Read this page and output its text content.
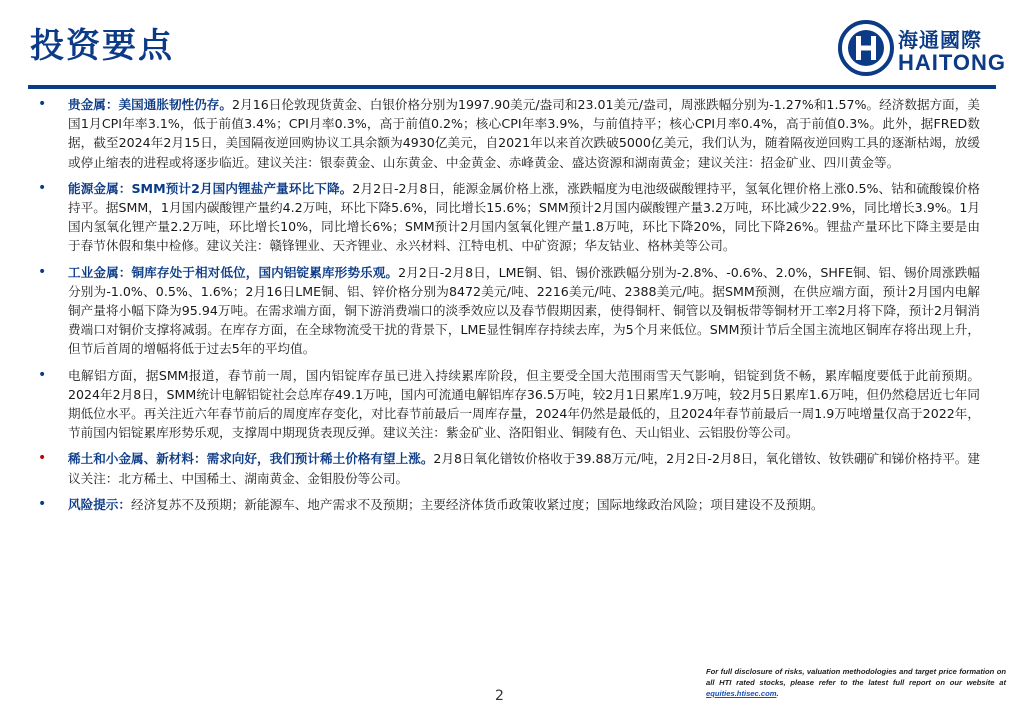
投资要点	海通國際
HAITONG
•	贵金属：美国通胀韧性仍存。2月16日伦敦现货黄金、白银价格分别为1997.90美元/盎司和23.01美元/盎司，周涨跌幅分别为-1.27%和1.57%。经济数据方面，美国1月CPI年率3.1%，低于前值3.4%；CPI月率0.3%，高于前值0.2%；核心CPI年率3.9%，与前值持平；核心CPI月率0.4%，高于前值0.3%。此外，据FRED数据，截至2024年2月15日，美国隔夜逆回购协议工具余额为4930亿美元，自2021年以来首次跌破5000亿美元，我们认为，随着隔夜逆回购工具的逐渐枯竭，放缓或停止缩表的进程或将逐步临近。建议关注：银泰黄金、山东黄金、中金黄金、赤峰黄金、盛达资源和湖南黄金；建议关注：招金矿业、四川黄金等。
•	能源金属：SMM预计2月国内锂盐产量环比下降。2月2日-2月8日，能源金属价格上涨，涨跌幅度为电池级碳酸锂持平，氢氧化锂价格上涨0.5%、钴和硫酸镍价格持平。据SMM，1月国内碳酸锂产量约4.2万吨，环比下降5.6%，同比增长15.6%；SMM预计2月国内碳酸锂产量3.2万吨，环比减少22.9%，同比增长3.9%。1月国内氢氧化锂产量2.2万吨，环比增长10%，同比增长6%；SMM预计2月国内氢氧化锂产量1.8万吨，环比下降20%，同比下降26%。锂盐产量环比下降主要是由于春节休假和集中检修。建议关注：赣锋锂业、天齐锂业、永兴材料、江特电机、中矿资源；华友钴业、格林美等公司。
•	工业金属：铜库存处于相对低位，国内铝锭累库形势乐观。2月2日-2月8日，LME铜、铝、锡价涨跌幅分别为-2.8%、-0.6%、2.0%，SHFE铜、铝、锡价周涨跌幅分别为-1.0%、0.5%、1.6%；2月16日LME铜、铝、锌价格分别为8472美元/吨、2216美元/吨、2388美元/吨。据SMM预测，在供应端方面，预计2月国内电解铜产量将小幅下降为95.94万吨。在需求端方面，铜下游消费端口的淡季效应以及春节假期因素，使得铜杆、铜管以及铜板带等铜材开工率2月将下降，预计2月铜消费端口对铜价支撑将减弱。在库存方面，在全球物流受干扰的背景下，LME显性铜库存持续去库，为5个月来低位。SMM预计节后全国主流地区铜库存将出现上升，但节后首周的增幅将低于过去5年的平均值。
•	电解铝方面，据SMM报道，春节前一周，国内铝锭库存虽已进入持续累库阶段，但主要受全国大范围雨雪天气影响，铝锭到货不畅，累库幅度要低于此前预期。2024年2月8日，SMM统计电解铝锭社会总库存49.1万吨，国内可流通电解铝库存36.5万吨，较2月1日累库1.9万吨，较2月5日累库1.6万吨，但仍然稳居近七年同期低位水平。再关注近六年春节前后的周度库存变化，对比春节前最后一周库存量，2024年仍然是最低的，且2024年春节前最后一周1.9万吨增量仅高于2022年，节前国内铝锭累库形势乐观，支撑周中期现货表现反弹。建议关注：紫金矿业、洛阳钼业、铜陵有色、天山铝业、云铝股份等公司。
•	稀土和小金属、新材料：需求向好，我们预计稀土价格有望上涨。2月8日氧化镨钕价格收于39.88万元/吨，2月2日-2月8日，氧化镨钕、钕铁硼矿和锑价格持平。建议关注：北方稀土、中国稀土、湖南黄金、金钼股份等公司。
•	风险提示：经济复苏不及预期；新能源车、地产需求不及预期；主要经济体货币政策收紧过度；国际地缘政治风险；项目建设不及预期。
2
For full disclosure of risks, valuation methodologies and target price formation on all HTI rated stocks, please refer to the latest full report on our website at equities.htisec.com.
